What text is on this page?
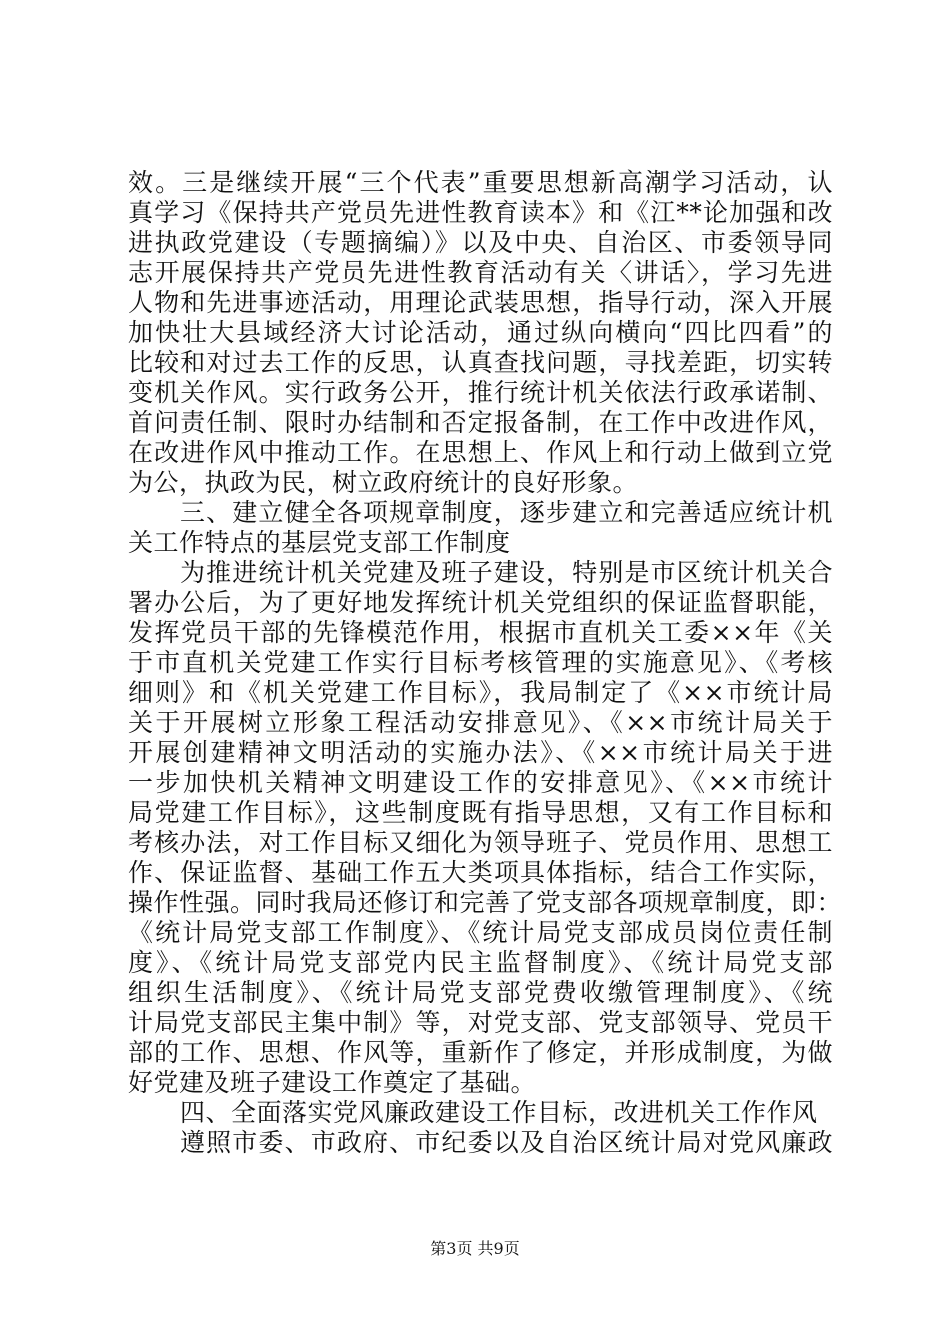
效。三是继续开展“三个代表”重要思想新高潮学习活动，认
真学习《保持共产党员先进性教育读本》和《江**论加强和改
进执政党建设（专题摘编）》以及中央、自治区、市委领导同
志开展保持共产党员先进性教育活动有关〈讲话〉，学习先进
人物和先进事迹活动，用理论武装思想，指导行动，深入开展
加快壮大县域经济大讨论活动，通过纵向横向“四比四看”的
比较和对过去工作的反思，认真查找问题，寻找差距，切实转
变机关作风。实行政务公开，推行统计机关依法行政承诺制、
首问责任制、限时办结制和否定报备制，在工作中改进作风，
在改进作风中推动工作。在思想上、作风上和行动上做到立党
为公，执政为民，树立政府统计的良好形象。
三、建立健全各项规章制度，逐步建立和完善适应统计机
关工作特点的基层党支部工作制度
为推进统计机关党建及班子建设，特别是市区统计机关合
署办公后，为了更好地发挥统计机关党组织的保证监督职能，
发挥党员干部的先锋模范作用，根据市直机关工委××年《关
于市直机关党建工作实行目标考核管理的实施意见》、《考核
细则》和《机关党建工作目标》，我局制定了《××市统计局
关于开展树立形象工程活动安排意见》、《××市统计局关于
开展创建精神文明活动的实施办法》、《××市统计局关于进
一步加快机关精神文明建设工作的安排意见》、《××市统计
局党建工作目标》，这些制度既有指导思想，又有工作目标和
考核办法，对工作目标又细化为领导班子、党员作用、思想工
作、保证监督、基础工作五大类项具体指标，结合工作实际，
操作性强。同时我局还修订和完善了党支部各项规章制度，即：
《统计局党支部工作制度》、《统计局党支部成员岗位责任制
度》、《统计局党支部党内民主监督制度》、《统计局党支部
组织生活制度》、《统计局党支部党费收缴管理制度》、《统
计局党支部民主集中制》等，对党支部、党支部领导、党员干
部的工作、思想、作风等，重新作了修定，并形成制度，为做
好党建及班子建设工作奠定了基础。
四、全面落实党风廉政建设工作目标，改进机关工作作风
遵照市委、市政府、市纪委以及自治区统计局对党风廉政
第3页 共9页
